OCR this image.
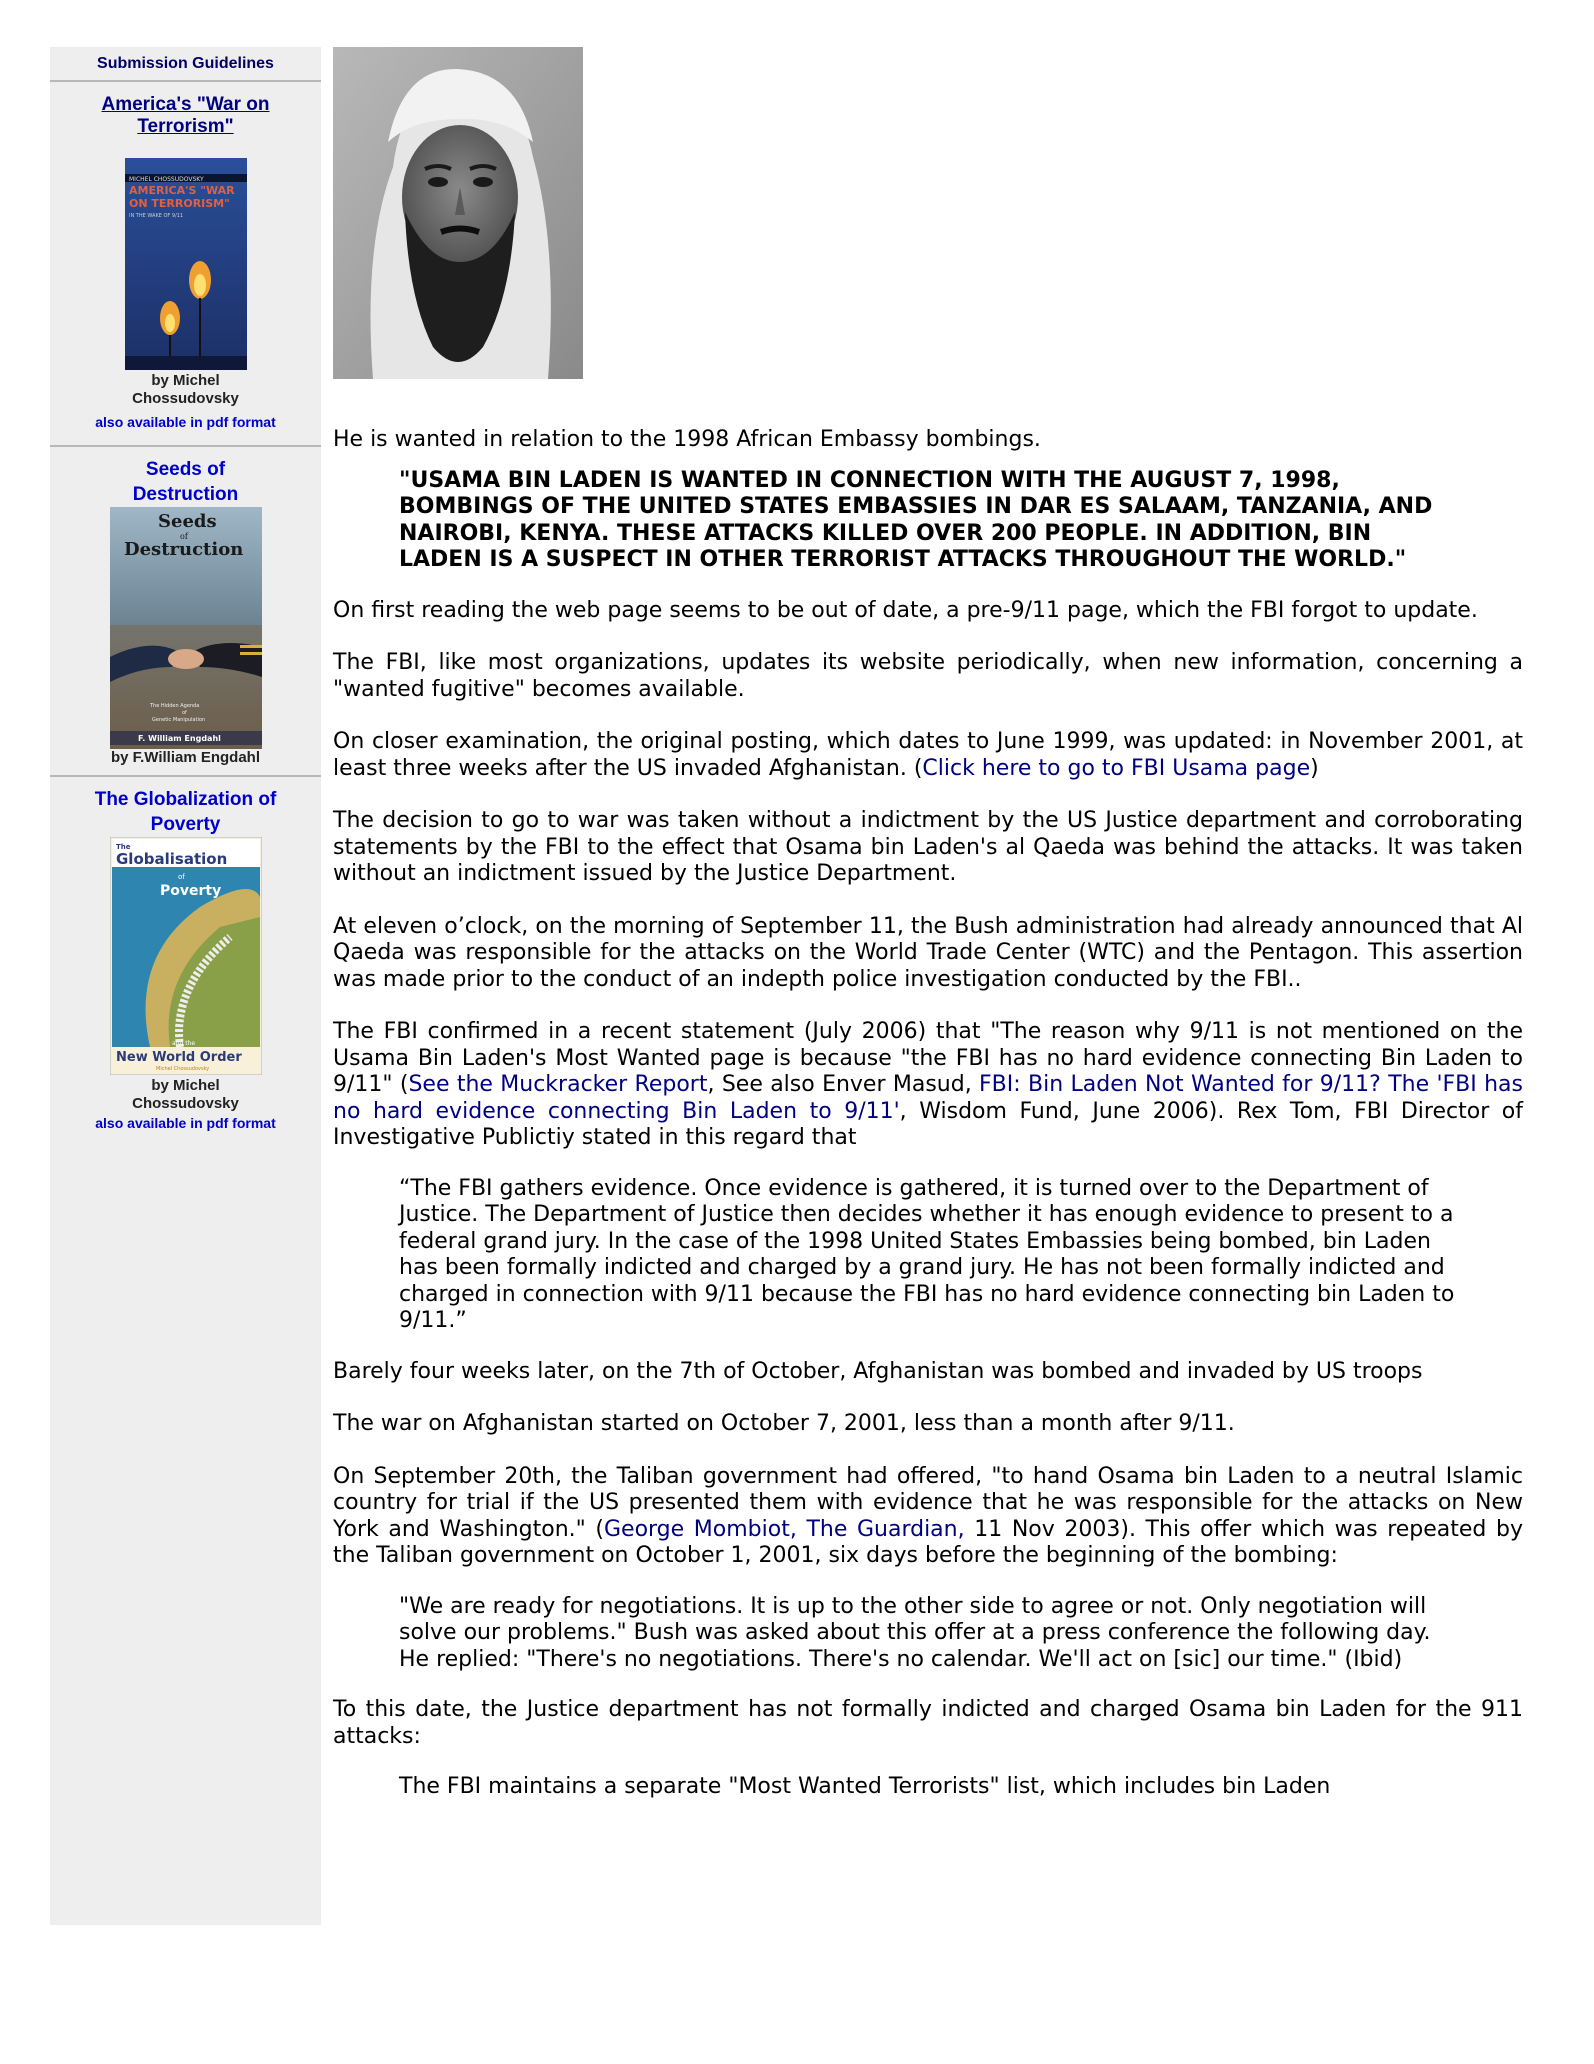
Submission Guidelines
America's "War on Terrorism"
MICHEL CHOSSUDOVSKY
AMERICA'S "WAR
ON TERRORISM"
IN THE WAKE OF 9/11
by Michel
Chossudovsky
also available in pdf format
Seeds of Destruction
Seeds
of
Destruction
The Hidden Agenda
of
Genetic Manipulation
F. William Engdahl
by F.William Engdahl
The Globalization of Poverty
The
Globalisation
of
Poverty
and the
New World Order
Michel Chossudovsky
by Michel
Chossudovsky
also available in pdf format

He is wanted in relation to the 1998 African Embassy bombings.

"USAMA BIN LADEN IS WANTED IN CONNECTION WITH THE AUGUST 7, 1998, BOMBINGS OF THE UNITED STATES EMBASSIES IN DAR ES SALAAM, TANZANIA, AND NAIROBI, KENYA. THESE ATTACKS KILLED OVER 200 PEOPLE. IN ADDITION, BIN LADEN IS A SUSPECT IN OTHER TERRORIST ATTACKS THROUGHOUT THE WORLD."

On first reading the web page seems to be out of date, a pre-9/11 page, which the FBI forgot to update.

The FBI, like most organizations, updates its website periodically, when new information, concerning a "wanted fugitive" becomes available.

On closer examination, the original posting, which dates to June 1999, was updated: in November 2001, at least three weeks after the US invaded Afghanistan. (Click here to go to FBI Usama page)

The decision to go to war was taken without a indictment by the US Justice department and corroborating statements by the FBI to the effect that Osama bin Laden's al Qaeda was behind the attacks. It was taken without an indictment issued by the Justice Department.

At eleven o’clock, on the morning of September 11, the Bush administration had already announced that Al Qaeda was responsible for the attacks on the World Trade Center (WTC) and the Pentagon. This assertion was made prior to the conduct of an indepth police investigation conducted by the FBI..

The FBI confirmed in a recent statement (July 2006) that "The reason why 9/11 is not mentioned on the Usama Bin Laden's Most Wanted page is because "the FBI has no hard evidence connecting Bin Laden to 9/11" (See the Muckracker Report, See also Enver Masud, FBI: Bin Laden Not Wanted for 9/11? The 'FBI has no hard evidence connecting Bin Laden to 9/11', Wisdom Fund, June 2006). Rex Tom, FBI Director of Investigative Publictiy stated in this regard that

“The FBI gathers evidence. Once evidence is gathered, it is turned over to the Department of Justice. The Department of Justice then decides whether it has enough evidence to present to a federal grand jury. In the case of the 1998 United States Embassies being bombed, bin Laden has been formally indicted and charged by a grand jury. He has not been formally indicted and charged in connection with 9/11 because the FBI has no hard evidence connecting bin Laden to 9/11.”

Barely four weeks later, on the 7th of October, Afghanistan was bombed and invaded by US troops

The war on Afghanistan started on October 7, 2001, less than a month after 9/11.

On September 20th, the Taliban government had offered, "to hand Osama bin Laden to a neutral Islamic country for trial if the US presented them with evidence that he was responsible for the attacks on New York and Washington." (George Mombiot, The Guardian, 11 Nov 2003). This offer which was repeated by the Taliban government on October 1, 2001, six days before the beginning of the bombing:

"We are ready for negotiations. It is up to the other side to agree or not. Only negotiation will solve our problems." Bush was asked about this offer at a press conference the following day. He replied: "There's no negotiations. There's no calendar. We'll act on [sic] our time." (Ibid)

To this date, the Justice department has not formally indicted and charged Osama bin Laden for the 911 attacks:

The FBI maintains a separate "Most Wanted Terrorists" list, which includes bin Laden
